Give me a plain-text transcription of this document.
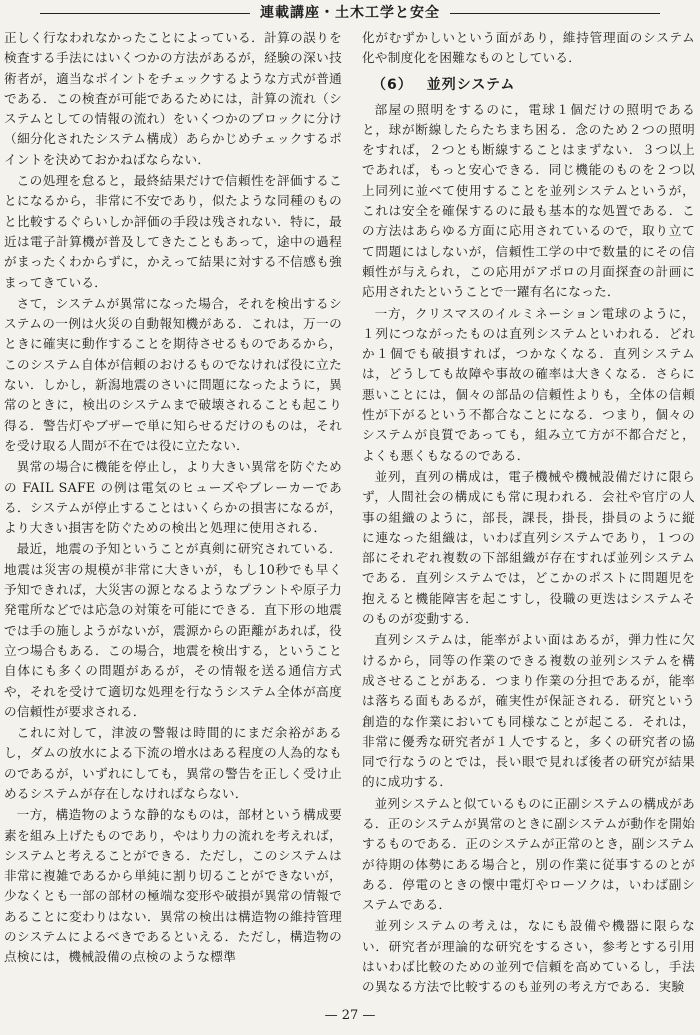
連載講座・土木工学と安全

正しく行なわれなかったことによっている．計算の誤りを検査する手法にはいくつかの方法があるが，経験の深い技術者が，適当なポイントをチェックするような方式が普通である．この検査が可能であるためには，計算の流れ（システムとしての情報の流れ）をいくつかのブロックに分け（細分化されたシステム構成）あらかじめチェックするポイントを決めておかねばならない．

この処理を怠ると，最終結果だけで信頼性を評価することになるから，非常に不安であり，似たような同種のものと比較するぐらいしか評価の手段は残されない．特に，最近は電子計算機が普及してきたこともあって，途中の過程がまったくわからずに，かえって結果に対する不信感も強まってきている．

さて，システムが異常になった場合，それを検出するシステムの一例は火災の自動報知機がある．これは，万一のときに確実に動作することを期待させるものであるから，このシステム自体が信頼のおけるものでなければ役に立たない．しかし，新潟地震のさいに問題になったように，異常のときに，検出のシステムまで破壊されることも起こり得る．警告灯やブザーで単に知らせるだけのものは，それを受け取る人間が不在では役に立たない．

異常の場合に機能を停止し，より大きい異常を防ぐための FAIL SAFE の例は電気のヒューズやブレーカーである．システムが停止することはいくらかの損害になるが，より大きい損害を防ぐための検出と処理に使用される．

最近，地震の予知ということが真剣に研究されている．地震は災害の規模が非常に大きいが，もし10秒でも早く予知できれば，大災害の源となるようなプラントや原子力発電所などでは応急の対策を可能にできる．直下形の地震では手の施しようがないが，震源からの距離があれば，役立つ場合もある．この場合，地震を検出する，ということ自体にも多くの問題があるが，その情報を送る通信方式や，それを受けて適切な処理を行なうシステム全体が高度の信頼性が要求される．

これに対して，津波の警報は時間的にまだ余裕があるし，ダムの放水による下流の増水はある程度の人為的なものであるが，いずれにしても，異常の警告を正しく受け止めるシステムが存在しなければならない．

一方，構造物のような静的なものは，部材という構成要素を組み上げたものであり，やはり力の流れを考えれば，システムと考えることができる．ただし，このシステムは非常に複雑であるから単純に割り切ることができないが，少なくとも一部の部材の極端な変形や破損が異常の情報であることに変わりはない．異常の検出は構造物の維持管理のシステムによるべきであるといえる．ただし，構造物の点検には，機械設備の点検のような標準

化がむずかしいという面があり，維持管理面のシステム化や制度化を困難なものとしている．

（6） 並列システム

部屋の照明をするのに，電球１個だけの照明であると，球が断線したらたちまち困る．念のため２つの照明をすれば，２つとも断線することはまずない．３つ以上であれば，もっと安心できる．同じ機能のものを２つ以上同列に並べて使用することを並列システムというが，これは安全を確保するのに最も基本的な処置である．この方法はあらゆる方面に応用されているので，取り立てて問題にはしないが，信頼性工学の中で数量的にその信頼性が与えられ，この応用がアポロの月面探査の計画に応用されたということで一躍有名になった．

一方，クリスマスのイルミネーション電球のように，１列につながったものは直列システムといわれる．どれか１個でも破損すれば，つかなくなる．直列システムは，どうしても故障や事故の確率は大きくなる．さらに悪いことには，個々の部品の信頼性よりも，全体の信頼性が下がるという不都合なことになる．つまり，個々のシステムが良質であっても，組み立て方が不都合だと，よくも悪くもなるのである．

並列，直列の構成は，電子機械や機械設備だけに限らず，人間社会の構成にも常に現われる．会社や官庁の人事の組織のように，部長，課長，掛長，掛員のように縦に連なった組織は，いわば直列システムであり，１つの部にそれぞれ複数の下部組織が存在すれば並列システムである．直列システムでは，どこかのポストに問題児を抱えると機能障害を起こすし，役職の更迭はシステムそのものが変動する．

直列システムは，能率がよい面はあるが，弾力性に欠けるから，同等の作業のできる複数の並列システムを構成させることがある．つまり作業の分担であるが，能率は落ちる面もあるが，確実性が保証される．研究という創造的な作業においても同様なことが起こる．それは，非常に優秀な研究者が１人ですると，多くの研究者の協同で行なうのとでは，長い眼で見れば後者の研究が結果的に成功する．

並列システムと似ているものに正副システムの構成がある．正のシステムが異常のときに副システムが動作を開始するものである．正のシステムが正常のとき，副システムが待期の体勢にある場合と，別の作業に従事するのとがある．停電のときの懐中電灯やローソクは，いわば副システムである．

並列システムの考えは，なにも設備や機器に限らない．研究者が理論的な研究をするさい，参考とする引用はいわば比較のための並列で信頼を高めているし，手法の異なる方法で比較するのも並列の考え方である．実験

— 27 —
